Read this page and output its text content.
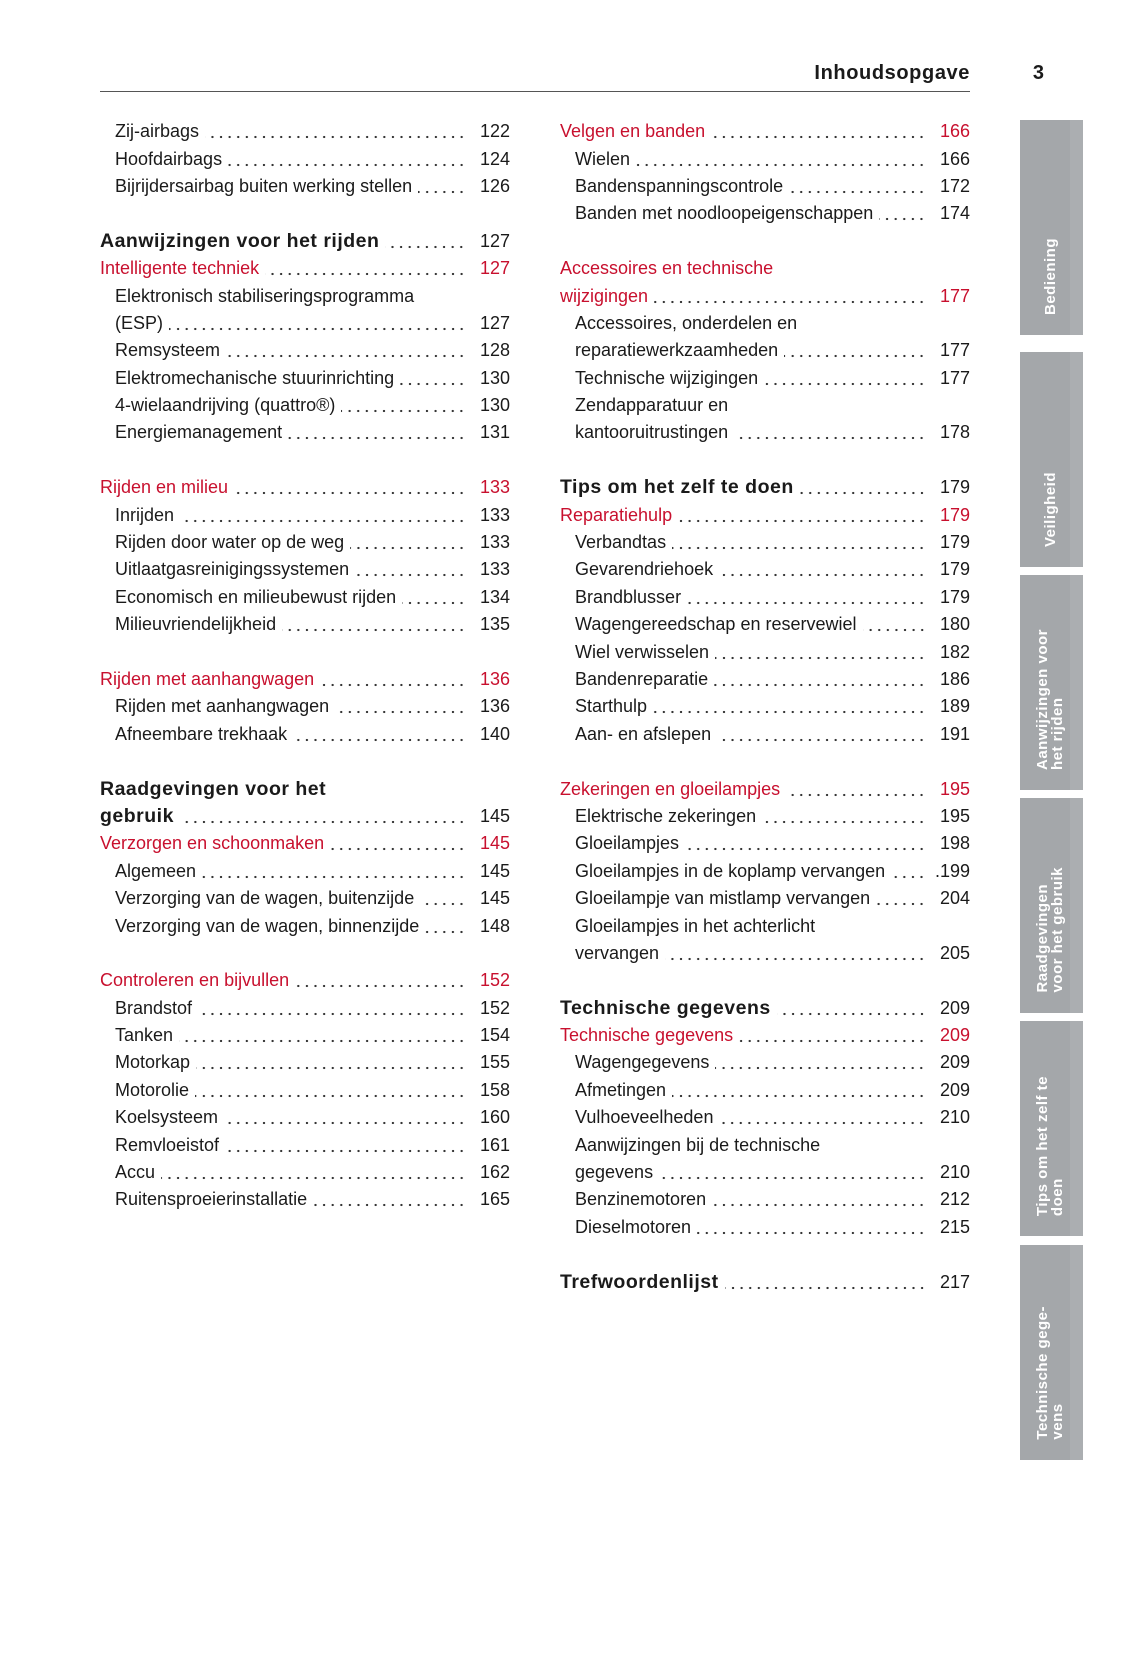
Inhoudsopgave	3
Zij-airbags	122
Hoofdairbags	124
Bijrijdersairbag buiten werking stellen	126
Aanwijzingen voor het rijden	127
Intelligente techniek	127
Elektronisch stabiliseringsprogramma
(ESP)	127
Remsysteem	128
Elektromechanische stuurinrichting	130
4-wielaandrijving (quattro®)	130
Energiemanagement	131
Rijden en milieu	133
Inrijden	133
Rijden door water op de weg	133
Uitlaatgasreinigingssystemen	133
Economisch en milieubewust rijden	134
Milieuvriendelijkheid	135
Rijden met aanhangwagen	136
Rijden met aanhangwagen	136
Afneembare trekhaak	140
Raadgevingen voor het
gebruik	145
Verzorgen en schoonmaken	145
Algemeen	145
Verzorging van de wagen, buitenzijde	145
Verzorging van de wagen, binnenzijde	148
Controleren en bijvullen	152
Brandstof	152
Tanken	154
Motorkap	155
Motorolie	158
Koelsysteem	160
Remvloeistof	161
Accu	162
Ruitensproeierinstallatie	165
Velgen en banden	166
Wielen	166
Bandenspanningscontrole	172
Banden met noodloopeigenschappen	174
Accessoires en technische
wijzigingen	177
Accessoires, onderdelen en
reparatiewerkzaamheden	177
Technische wijzigingen	177
Zendapparatuur en
kantooruitrustingen	178
Tips om het zelf te doen	179
Reparatiehulp	179
Verbandtas	179
Gevarendriehoek	179
Brandblusser	179
Wagengereedschap en reservewiel	180
Wiel verwisselen	182
Bandenreparatie	186
Starthulp	189
Aan- en afslepen	191
Zekeringen en gloeilampjes	195
Elektrische zekeringen	195
Gloeilampjes	198
Gloeilampjes in de koplamp vervangen	.199
Gloeilampje van mistlamp vervangen	204
Gloeilampjes in het achterlicht
vervangen	205
Technische gegevens	209
Technische gegevens	209
Wagengegevens	209
Afmetingen	209
Vulhoeveelheden	210
Aanwijzingen bij de technische
gegevens	210
Benzinemotoren	212
Dieselmotoren	215
Trefwoordenlijst	217
Bediening
Veiligheid
Aanwijzingen voor
het rijden
Raadgevingen
voor het gebruik
Tips om het zelf te
doen
Technische gege-
vens
